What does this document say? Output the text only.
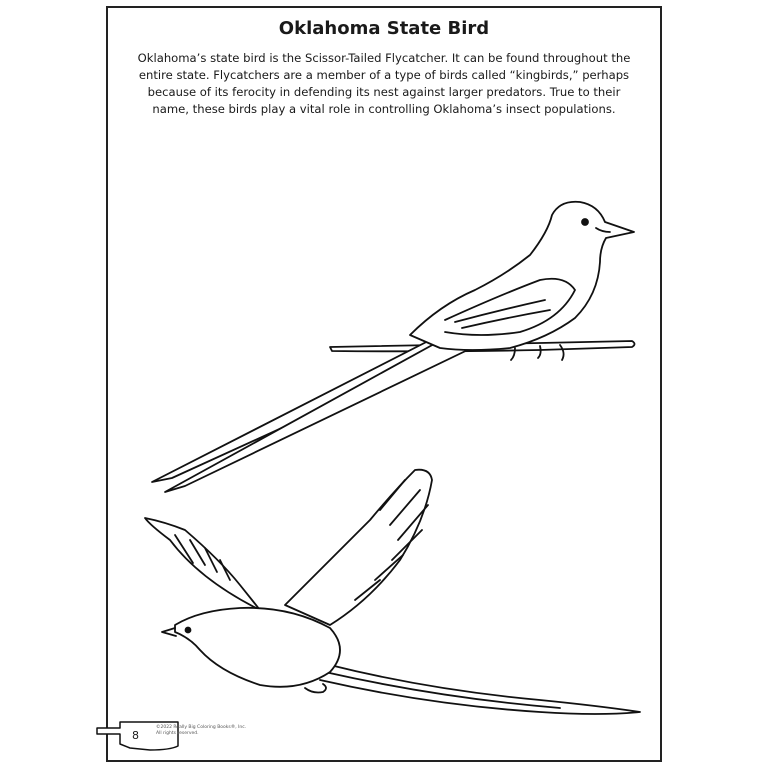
Oklahoma State Bird
Oklahoma’s state bird is the Scissor-Tailed Flycatcher. It can be found throughout the entire state. Flycatchers are a member of a type of birds called “kingbirds,” perhaps because of its ferocity in defending its nest against larger predators. True to their name, these birds play a vital role in controlling Oklahoma’s insect populations.
8
©2022 Really Big Coloring Books®, Inc.
All rights reserved.
